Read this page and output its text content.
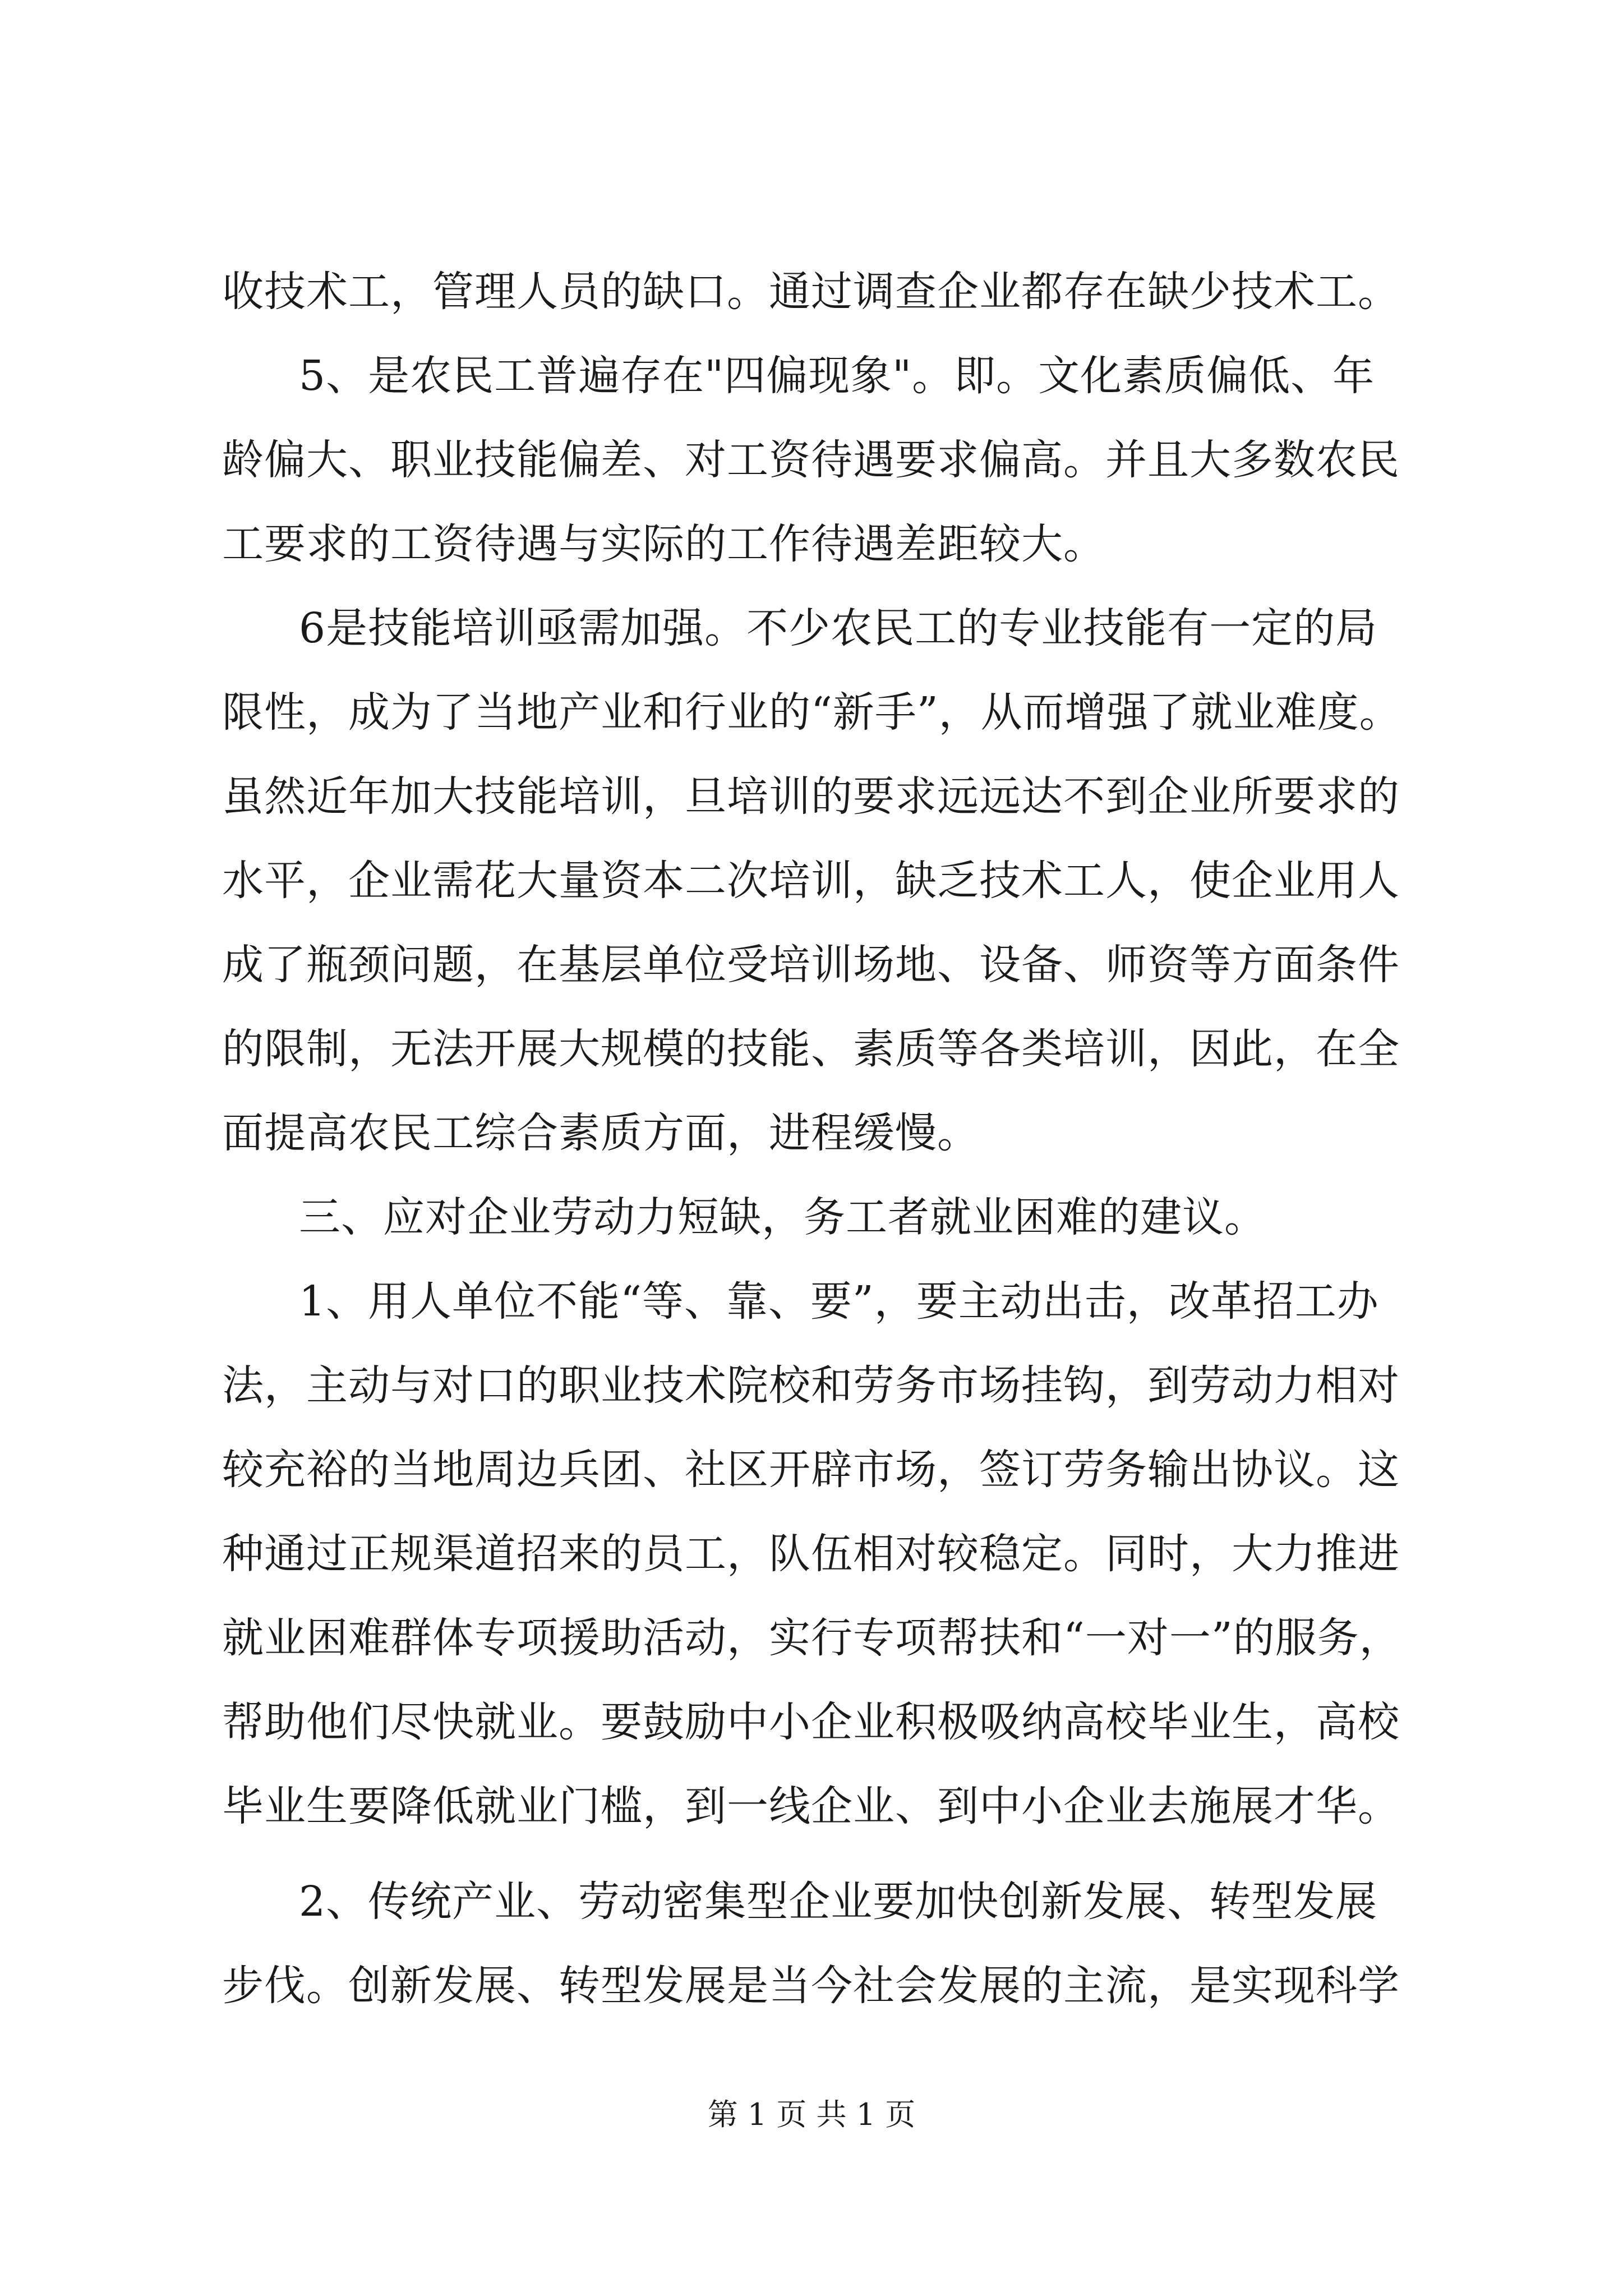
收技术工，管理人员的缺口。通过调查企业都存在缺少技术工。
5、是农民工普遍存在"四偏现象"。即。文化素质偏低、年
龄偏大、职业技能偏差、对工资待遇要求偏高。并且大多数农民
工要求的工资待遇与实际的工作待遇差距较大。
6是技能培训亟需加强。不少农民工的专业技能有一定的局
限性，成为了当地产业和行业的“新手”，从而增强了就业难度。
虽然近年加大技能培训，旦培训的要求远远达不到企业所要求的
水平，企业需花大量资本二次培训，缺乏技术工人，使企业用人
成了瓶颈问题，在基层单位受培训场地、设备、师资等方面条件
的限制，无法开展大规模的技能、素质等各类培训，因此，在全
面提高农民工综合素质方面，进程缓慢。
三、应对企业劳动力短缺，务工者就业困难的建议。
1、用人单位不能“等、靠、要”，要主动出击，改革招工办
法，主动与对口的职业技术院校和劳务市场挂钩，到劳动力相对
较充裕的当地周边兵团、社区开辟市场，签订劳务输出协议。这
种通过正规渠道招来的员工，队伍相对较稳定。同时，大力推进
就业困难群体专项援助活动，实行专项帮扶和“一对一”的服务，
帮助他们尽快就业。要鼓励中小企业积极吸纳高校毕业生，高校
毕业生要降低就业门槛，到一线企业、到中小企业去施展才华。
2、传统产业、劳动密集型企业要加快创新发展、转型发展
步伐。创新发展、转型发展是当今社会发展的主流，是实现科学
第 1 页 共 1 页
